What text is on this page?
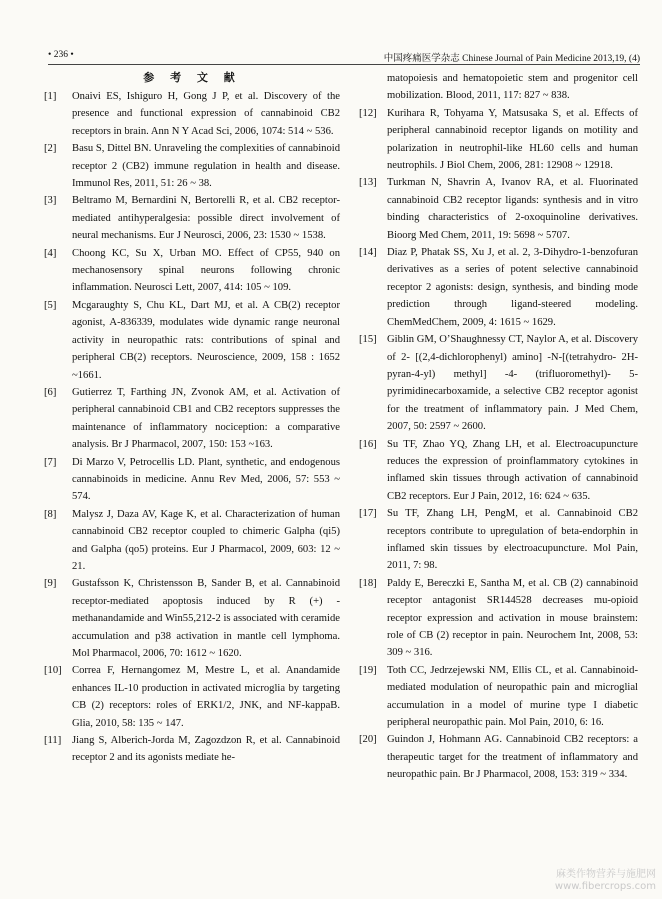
• 236 •	中国疼痛医学杂志 Chinese Journal of Pain Medicine 2013,19, (4)
参 考 文 献

[1] Onaivi ES, Ishiguro H, Gong J P, et al. Discovery of the presence and functional expression of cannabinoid CB2 receptors in brain. Ann N Y Acad Sci, 2006, 1074: 514 ~ 536.

[2] Basu S, Dittel BN. Unraveling the complexities of cannabinoid receptor 2 (CB2) immune regulation in health and disease. Immunol Res, 2011, 51: 26 ~ 38.

[3] Beltramo M, Bernardini N, Bertorelli R, et al. CB2 receptor-mediated antihyperalgesia: possible direct involvement of neural mechanisms. Eur J Neurosci, 2006, 23: 1530 ~ 1538.

[4] Choong KC, Su X, Urban MO. Effect of CP55, 940 on mechanosensory spinal neurons following chronic inflammation. Neurosci Lett, 2007, 414: 105 ~ 109.

[5] Mcgaraughty S, Chu KL, Dart MJ, et al. A CB(2) receptor agonist, A-836339, modulates wide dynamic range neuronal activity in neuropathic rats: contributions of spinal and peripheral CB(2) receptors. Neuroscience, 2009, 158 : 1652 ~1661.

[6] Gutierrez T, Farthing JN, Zvonok AM, et al. Activation of peripheral cannabinoid CB1 and CB2 receptors suppresses the maintenance of inflammatory nociception: a comparative analysis. Br J Pharmacol, 2007, 150: 153 ~163.

[7] Di Marzo V, Petrocellis LD. Plant, synthetic, and endogenous cannabinoids in medicine. Annu Rev Med, 2006, 57: 553 ~ 574.

[8] Malysz J, Daza AV, Kage K, et al. Characterization of human cannabinoid CB2 receptor coupled to chimeric Galpha (qi5) and Galpha (qo5) proteins. Eur J Pharmacol, 2009, 603: 12 ~ 21.

[9] Gustafsson K, Christensson B, Sander B, et al. Cannabinoid receptor-mediated apoptosis induced by R (+) -methanandamide and Win55,212-2 is associated with ceramide accumulation and p38 activation in mantle cell lymphoma. Mol Pharmacol, 2006, 70: 1612 ~ 1620.

[10] Correa F, Hernangomez M, Mestre L, et al. Anandamide enhances IL-10 production in activated microglia by targeting CB (2) receptors: roles of ERK1/2, JNK, and NF-kappaB. Glia, 2010, 58: 135 ~ 147.

[11] Jiang S, Alberich-Jorda M, Zagozdzon R, et al. Cannabinoid receptor 2 and its agonists mediate he-

matopoiesis and hematopoietic stem and progenitor cell mobilization. Blood, 2011, 117: 827 ~ 838.

[12] Kurihara R, Tohyama Y, Matsusaka S, et al. Effects of peripheral cannabinoid receptor ligands on motility and polarization in neutrophil-like HL60 cells and human neutrophils. J Biol Chem, 2006, 281: 12908 ~ 12918.

[13] Turkman N, Shavrin A, Ivanov RA, et al. Fluorinated cannabinoid CB2 receptor ligands: synthesis and in vitro binding characteristics of 2-oxoquinoline derivatives. Bioorg Med Chem, 2011, 19: 5698 ~ 5707.

[14] Diaz P, Phatak SS, Xu J, et al. 2, 3-Dihydro-1-benzofuran derivatives as a series of potent selective cannabinoid receptor 2 agonists: design, synthesis, and binding mode prediction through ligand-steered modeling. ChemMedChem, 2009, 4: 1615 ~ 1629.

[15] Giblin GM, O’Shaughnessy CT, Naylor A, et al. Discovery of 2- [(2,4-dichlorophenyl) amino] -N-[(tetrahydro- 2H-pyran-4-yl) methyl] -4- (trifluoromethyl)- 5-pyrimidinecarboxamide, a selective CB2 receptor agonist for the treatment of inflammatory pain. J Med Chem, 2007, 50: 2597 ~ 2600.

[16] Su TF, Zhao YQ, Zhang LH, et al. Electroacupuncture reduces the expression of proinflammatory cytokines in inflamed skin tissues through activation of cannabinoid CB2 receptors. Eur J Pain, 2012, 16: 624 ~ 635.

[17] Su TF, Zhang LH, PengM, et al. Cannabinoid CB2 receptors contribute to upregulation of beta-endorphin in inflamed skin tissues by electroacupuncture. Mol Pain, 2011, 7: 98.

[18] Paldy E, Bereczki E, Santha M, et al. CB (2) cannabinoid receptor antagonist SR144528 decreases mu-opioid receptor expression and activation in mouse brainstem: role of CB (2) receptor in pain. Neurochem Int, 2008, 53: 309 ~ 316.

[19] Toth CC, Jedrzejewski NM, Ellis CL, et al. Cannabinoid-mediated modulation of neuropathic pain and microglial accumulation in a model of murine type I diabetic peripheral neuropathic pain. Mol Pain, 2010, 6: 16.

[20] Guindon J, Hohmann AG. Cannabinoid CB2 receptors: a therapeutic target for the treatment of inflammatory and neuropathic pain. Br J Pharmacol, 2008, 153: 319 ~ 334.

麻类作物营养与施肥网
www.fibercrops.com
